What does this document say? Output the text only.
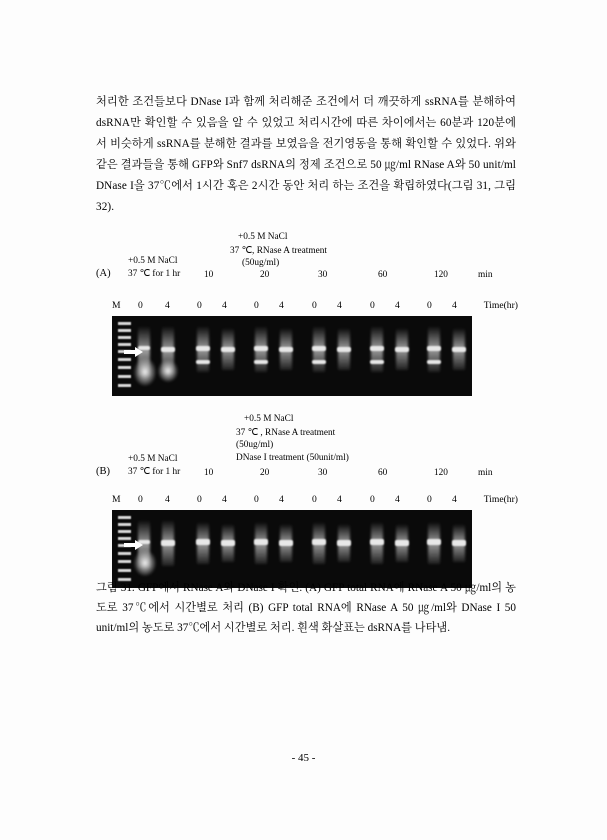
처리한 조건들보다 DNase I과 함께 처리해준 조건에서 더 깨끗하게 ssRNA를 분해하여 dsRNA만 확인할 수 있음을 알 수 있었고 처리시간에 따른 차이에서는 60분과 120분에서 비슷하게 ssRNA를 분해한 결과를 보였음을 전기영동을 통해 확인할 수 있었다. 위와 같은 결과들을 통해 GFP와 Snf7 dsRNA의 정제 조건으로 50 ㎍/ml RNase A와 50 unit/ml DNase I을 37℃에서 1시간 혹은 2시간 동안 처리 하는 조건을 확립하였다(그림 31, 그림 32).

(A)
+0.5 M NaCl
37 ℃ for 1 hr
+0.5 M NaCl
37 ℃, RNase A treatment
(50ug/ml)
10	20	30	60	120	min
M 0 4	0 4	0 4	0 4	0 4	0 4	Time(hr)
(B)
+0.5 M NaCl
37 ℃ for 1 hr
+0.5 M NaCl
37 ℃ , RNase A treatment
(50ug/ml)
DNase I treatment (50unit/ml)
10	20	30	60	120	min
M 0 4	0 4	0 4	0 4	0 4	0 4	Time(hr)

그림 31. GFP에서 RNase A와 DNase I 확인. (A) GFP total RNA에 RNase A 50 ㎍/ml의 농도로 37℃에서 시간별로 처리 (B) GFP total RNA에 RNase A 50 ㎍/ml와 DNase I 50 unit/ml의 농도로 37℃에서 시간별로 처리. 흰색 화살표는 dsRNA를 나타냄.

- 45 -
